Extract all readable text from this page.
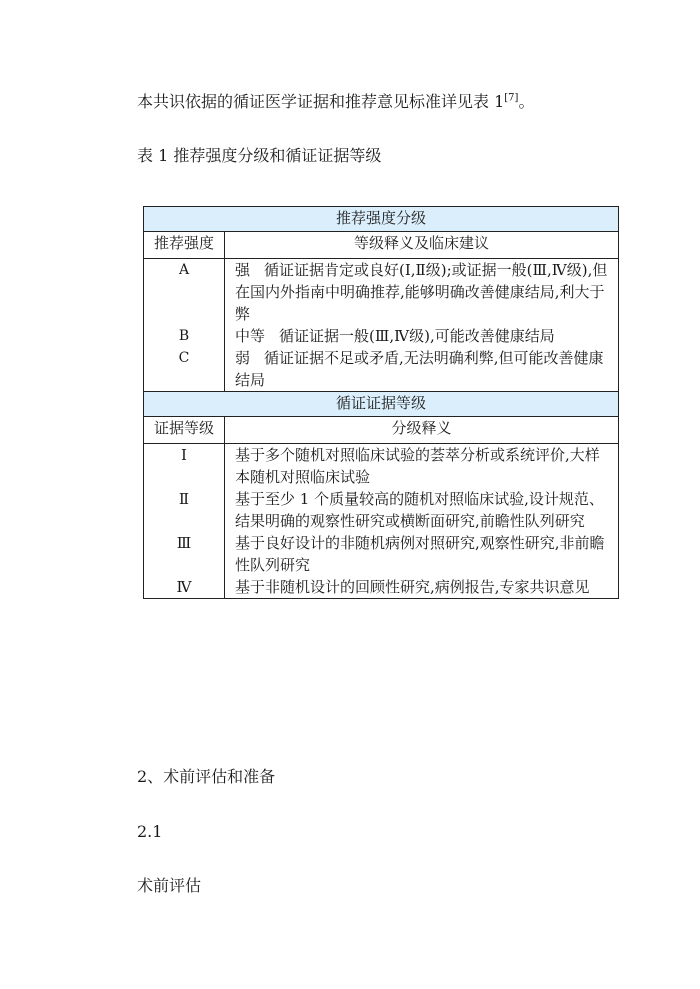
本共识依据的循证医学证据和推荐意见标准详见表 1[7]。
表 1 推荐强度分级和循证证据等级
推荐强度分级	
推荐强度	等级释义及临床建议
A	强 循证证据肯定或良好(Ⅰ,Ⅱ级);或证据一般(Ⅲ,Ⅳ级),但在国内外指南中明确推荐,能够明确改善健康结局,利大于弊
B	中等 循证证据一般(Ⅲ,Ⅳ级),可能改善健康结局
C	弱 循证证据不足或矛盾,无法明确利弊,但可能改善健康结局
循证证据等级	
证据等级	分级释义
Ⅰ	基于多个随机对照临床试验的荟萃分析或系统评价,大样本随机对照临床试验
Ⅱ	基于至少 1 个质量较高的随机对照临床试验,设计规范、结果明确的观察性研究或横断面研究,前瞻性队列研究
Ⅲ	基于良好设计的非随机病例对照研究,观察性研究,非前瞻性队列研究
Ⅳ	基于非随机设计的回顾性研究,病例报告,专家共识意见
2、术前评估和准备
2.1
术前评估
